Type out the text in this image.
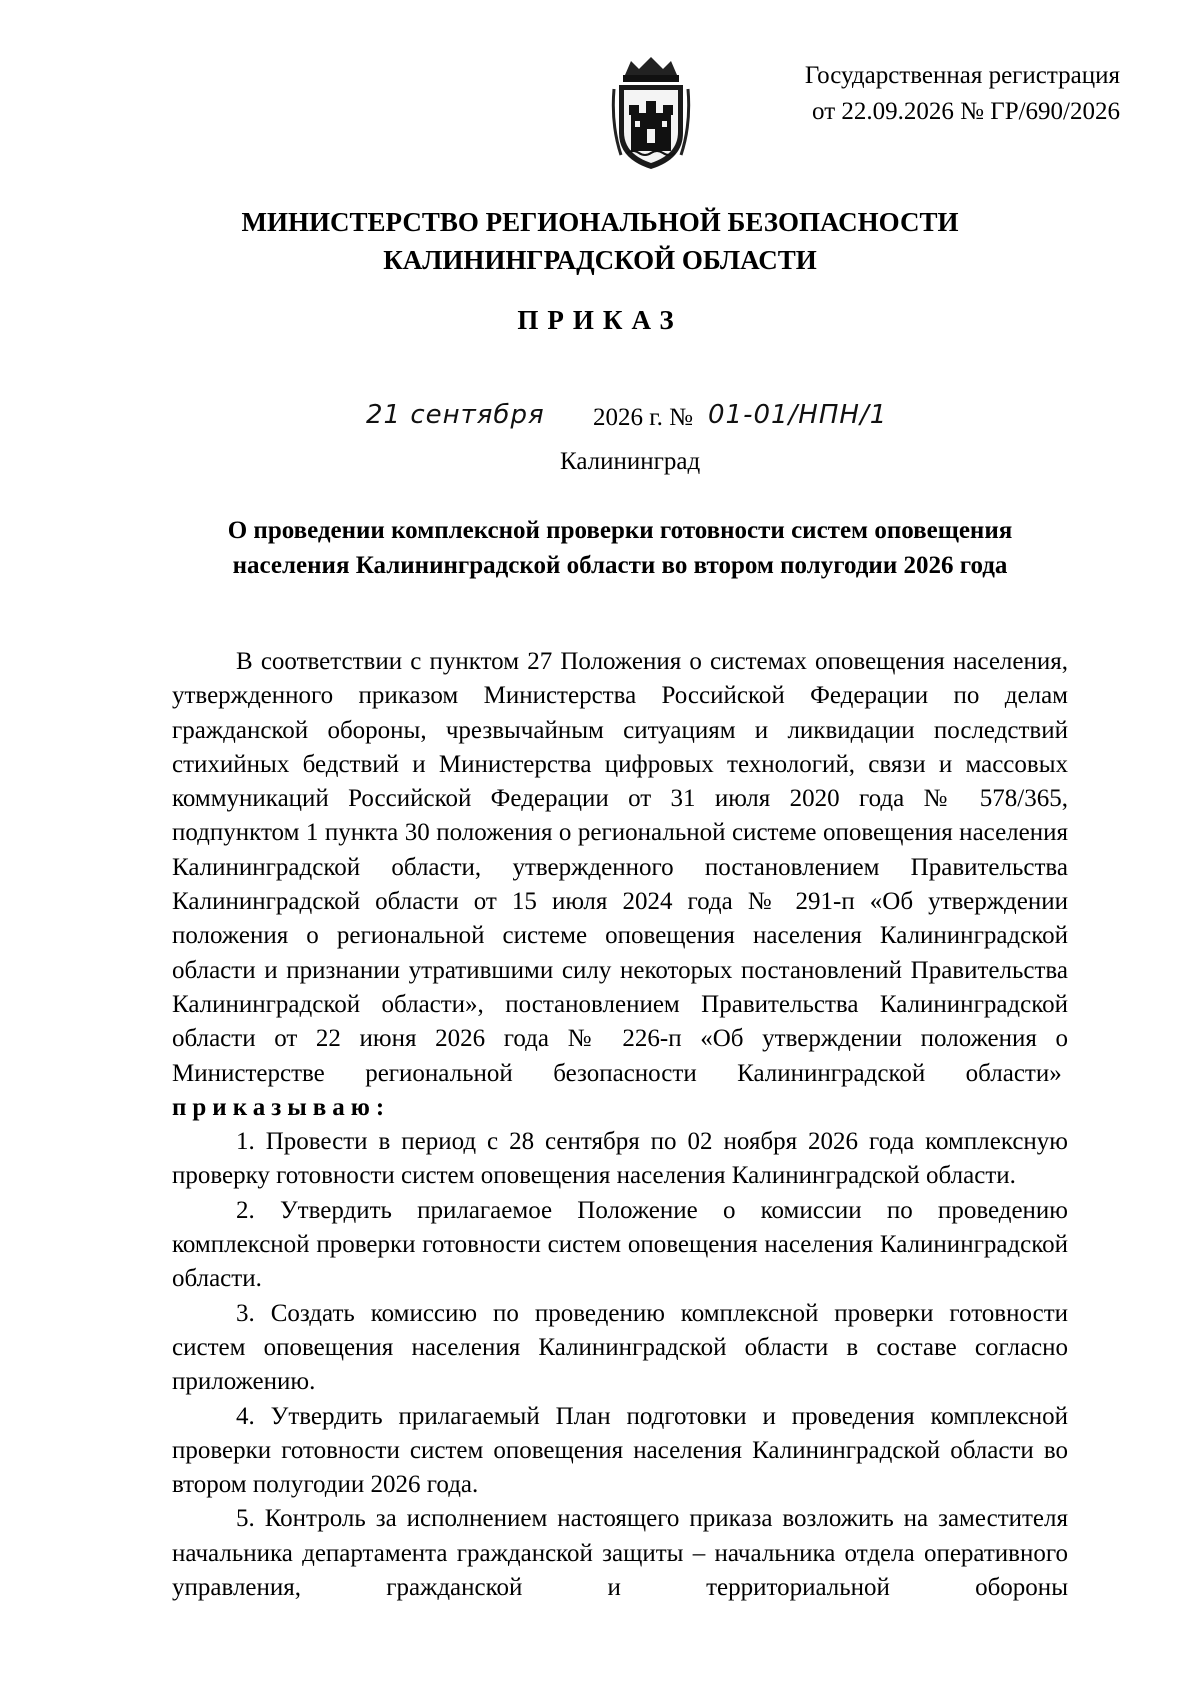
Государственная регистрация
от 22.09.2026 № ГР/690/2026
МИНИСТЕРСТВО РЕГИОНАЛЬНОЙ БЕЗОПАСНОСТИ
КАЛИНИНГРАДСКОЙ ОБЛАСТИ
ПРИКАЗ
21 сентября 2026 г. № 01-01/НПН/1
Калининград
О проведении комплексной проверки готовности систем оповещения
населения Калининградской области во втором полугодии 2026 года

В соответствии с пунктом 27 Положения о системах оповещения населения, утвержденного приказом Министерства Российской Федерации по делам гражданской обороны, чрезвычайным ситуациям и ликвидации последствий стихийных бедствий и Министерства цифровых технологий, связи и массовых коммуникаций Российской Федерации от 31 июля 2020 года № 578/365, подпунктом 1 пункта 30 положения о региональной системе оповещения населения Калининградской области, утвержденного постановлением Правительства Калининградской области от 15 июля 2024 года № 291-п «Об утверждении положения о региональной системе оповещения населения Калининградской области и признании утратившими силу некоторых постановлений Правительства Калининградской области», постановлением Правительства Калининградской области от 22 июня 2026 года № 226-п «Об утверждении положения о Министерстве региональной безопасности Калининградской области»  приказываю:

1. Провести в период с 28 сентября по 02 ноября 2026 года комплексную проверку готовности систем оповещения населения Калининградской области.

2. Утвердить прилагаемое Положение о комиссии по проведению комплексной проверки готовности систем оповещения населения Калининградской области.

3. Создать комиссию по проведению комплексной проверки готовности систем оповещения населения Калининградской области в составе согласно приложению.

4. Утвердить прилагаемый План подготовки и проведения комплексной проверки готовности систем оповещения населения Калининградской области во втором полугодии 2026 года.

5. Контроль за исполнением настоящего приказа возложить на заместителя начальника департамента гражданской защиты – начальника отдела оперативного управления, гражданской и территориальной обороны
